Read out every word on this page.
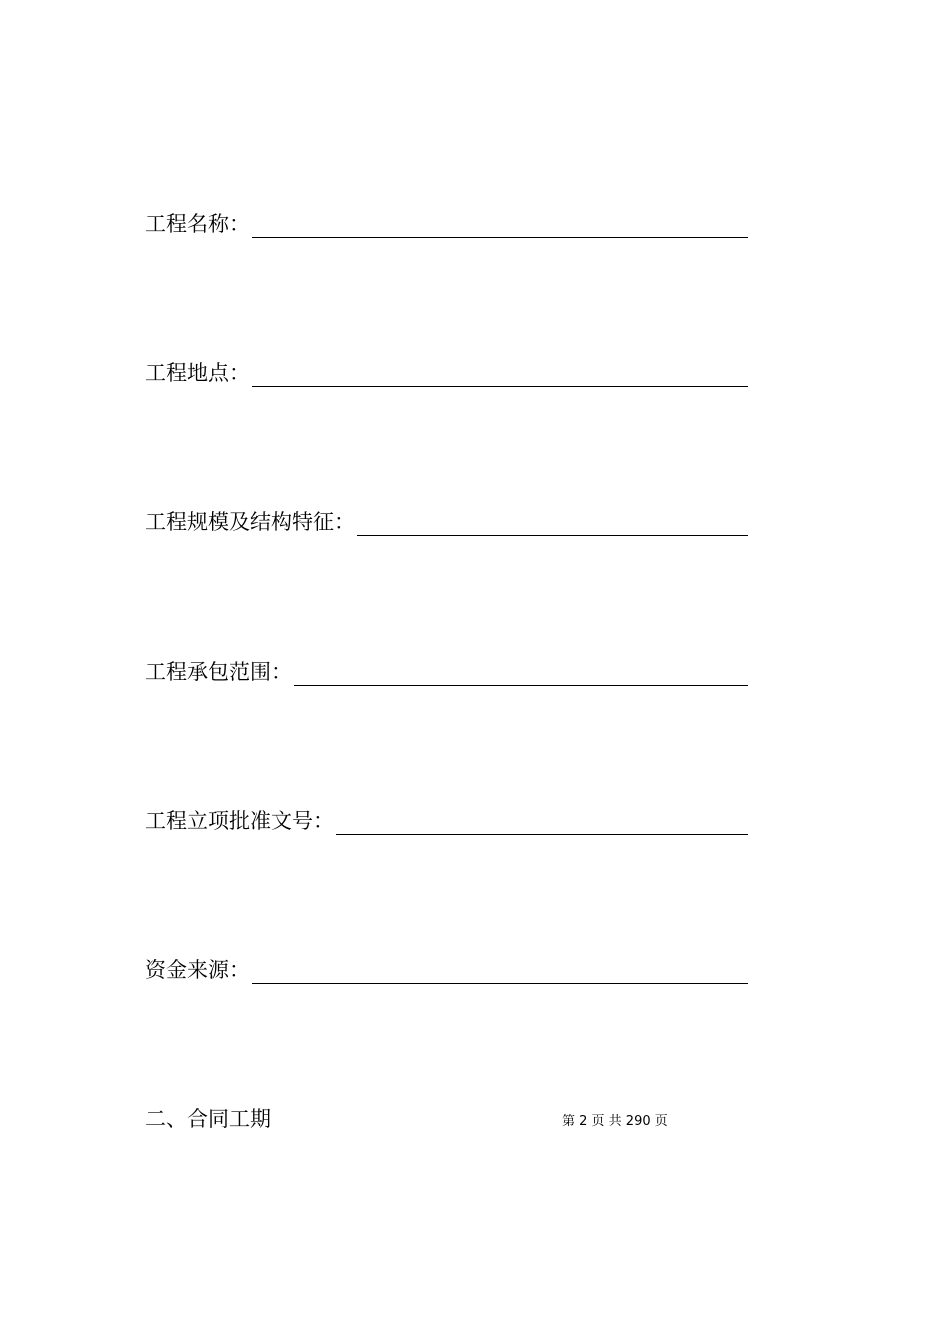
工程名称：
工程地点：
工程规模及结构特征：
工程承包范围：
工程立项批准文号：
资金来源：
二、合同工期	第 2 页 共 290 页
